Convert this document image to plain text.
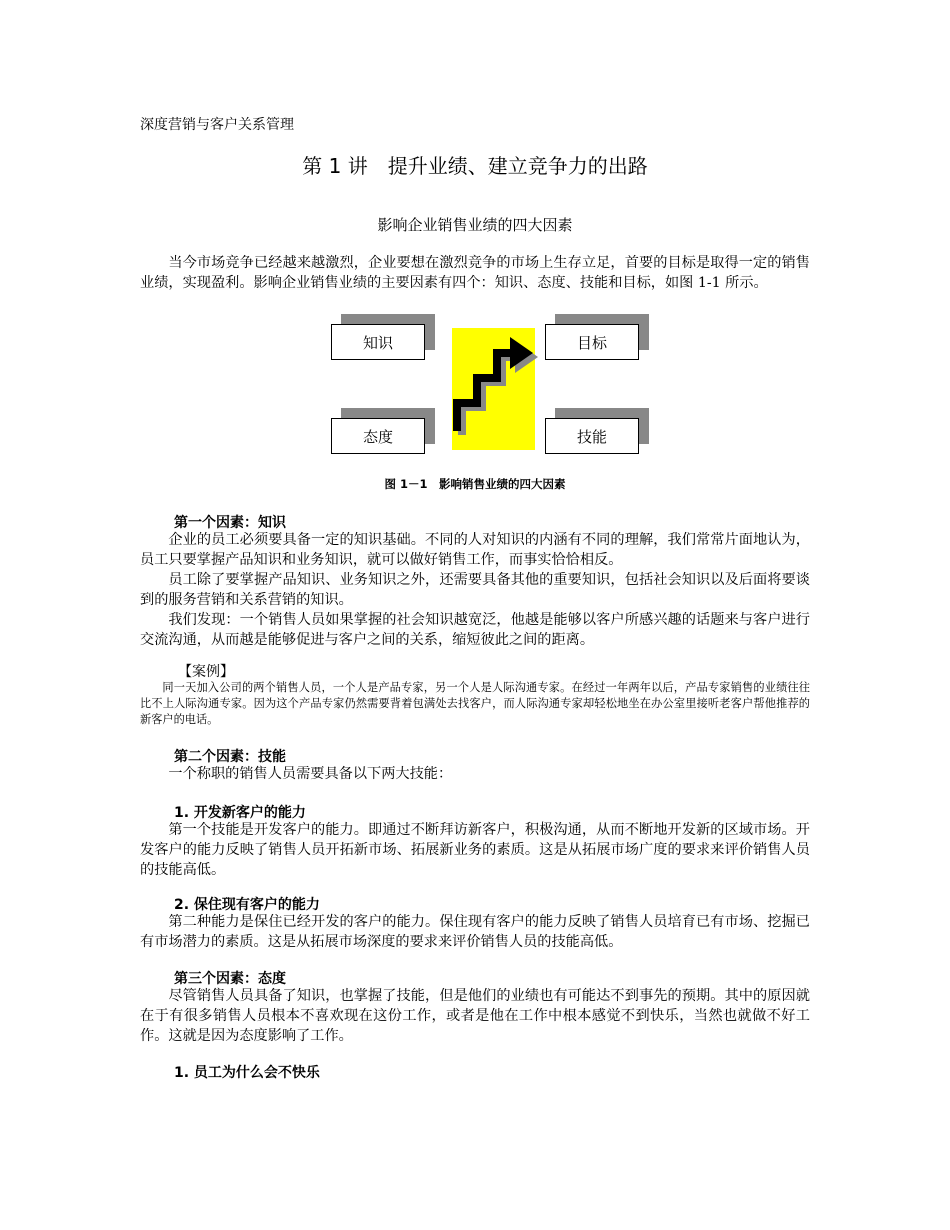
深度营销与客户关系管理
第 1 讲　提升业绩、建立竞争力的出路
影响企业销售业绩的四大因素
当今市场竞争已经越来越激烈，企业要想在激烈竞争的市场上生存立足，首要的目标是取得一定的销售业绩，实现盈利。影响企业销售业绩的主要因素有四个：知识、态度、技能和目标，如图 1-1 所示。
知识	目标
态度	技能
图 1－1　影响销售业绩的四大因素
第一个因素：知识
企业的员工必须要具备一定的知识基础。不同的人对知识的内涵有不同的理解，我们常常片面地认为，员工只要掌握产品知识和业务知识，就可以做好销售工作，而事实恰恰相反。
员工除了要掌握产品知识、业务知识之外，还需要具备其他的重要知识，包括社会知识以及后面将要谈到的服务营销和关系营销的知识。
我们发现：一个销售人员如果掌握的社会知识越宽泛，他越是能够以客户所感兴趣的话题来与客户进行交流沟通，从而越是能够促进与客户之间的关系，缩短彼此之间的距离。
【案例】
同一天加入公司的两个销售人员，一个人是产品专家，另一个人是人际沟通专家。在经过一年两年以后，产品专家销售的业绩往往比不上人际沟通专家。因为这个产品专家仍然需要背着包满处去找客户，而人际沟通专家却轻松地坐在办公室里接听老客户帮他推荐的新客户的电话。
第二个因素：技能
一个称职的销售人员需要具备以下两大技能：
1. 开发新客户的能力
第一个技能是开发客户的能力。即通过不断拜访新客户，积极沟通，从而不断地开发新的区域市场。开发客户的能力反映了销售人员开拓新市场、拓展新业务的素质。这是从拓展市场广度的要求来评价销售人员的技能高低。
2. 保住现有客户的能力
第二种能力是保住已经开发的客户的能力。保住现有客户的能力反映了销售人员培育已有市场、挖掘已有市场潜力的素质。这是从拓展市场深度的要求来评价销售人员的技能高低。
第三个因素：态度
尽管销售人员具备了知识，也掌握了技能，但是他们的业绩也有可能达不到事先的预期。其中的原因就在于有很多销售人员根本不喜欢现在这份工作，或者是他在工作中根本感觉不到快乐，当然也就做不好工作。这就是因为态度影响了工作。
1. 员工为什么会不快乐
